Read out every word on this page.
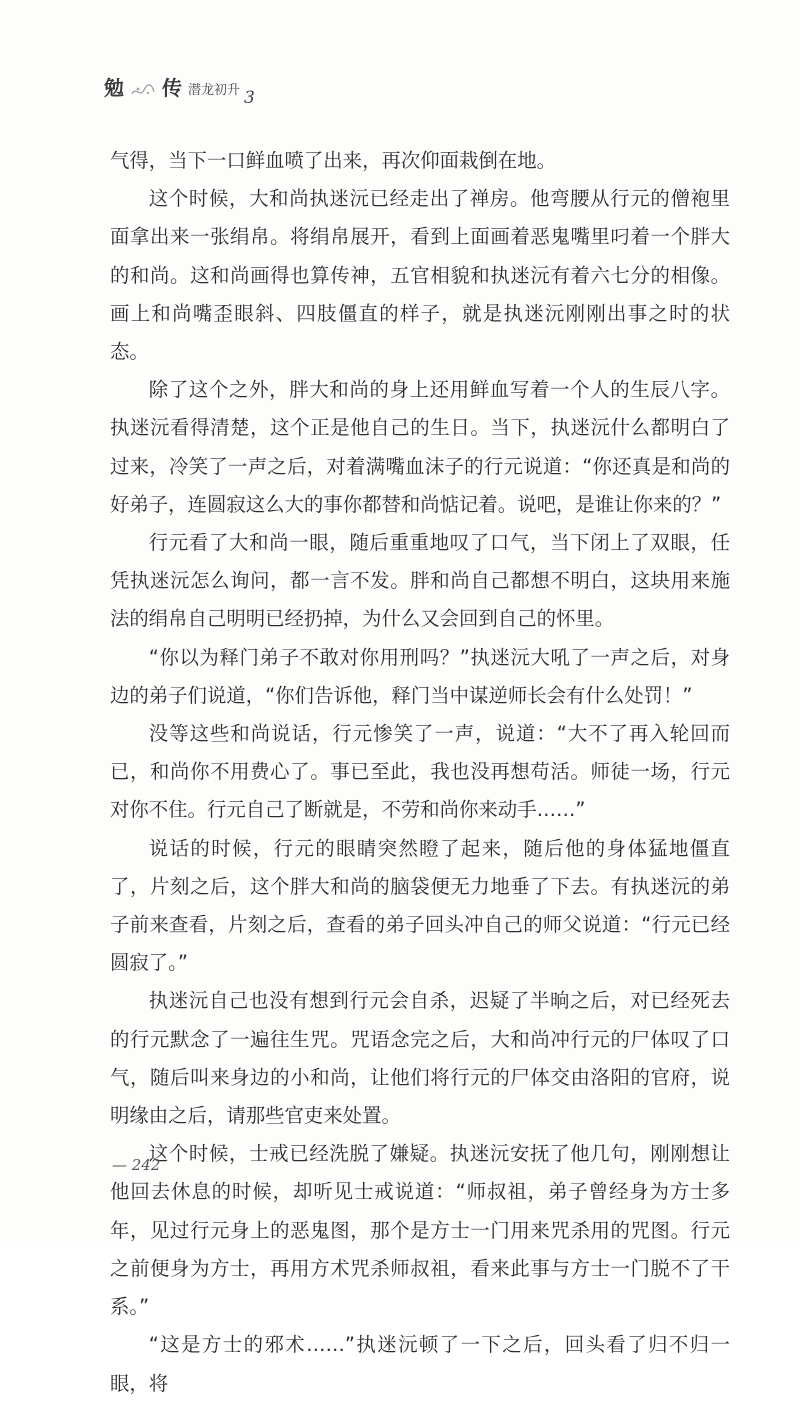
勉 传 潜龙初升 3

气得，当下一口鲜血喷了出来，再次仰面栽倒在地。

这个时候，大和尚执迷沅已经走出了禅房。他弯腰从行元的僧袍里面拿出来一张绢帛。将绢帛展开，看到上面画着恶鬼嘴里叼着一个胖大的和尚。这和尚画得也算传神，五官相貌和执迷沅有着六七分的相像。画上和尚嘴歪眼斜、四肢僵直的样子，就是执迷沅刚刚出事之时的状态。

除了这个之外，胖大和尚的身上还用鲜血写着一个人的生辰八字。执迷沅看得清楚，这个正是他自己的生日。当下，执迷沅什么都明白了过来，冷笑了一声之后，对着满嘴血沫子的行元说道：“你还真是和尚的好弟子，连圆寂这么大的事你都替和尚惦记着。说吧，是谁让你来的？”

行元看了大和尚一眼，随后重重地叹了口气，当下闭上了双眼，任凭执迷沅怎么询问，都一言不发。胖和尚自己都想不明白，这块用来施法的绢帛自己明明已经扔掉，为什么又会回到自己的怀里。

“你以为释门弟子不敢对你用刑吗？”执迷沅大吼了一声之后，对身边的弟子们说道，“你们告诉他，释门当中谋逆师长会有什么处罚！”

没等这些和尚说话，行元惨笑了一声，说道：“大不了再入轮回而已，和尚你不用费心了。事已至此，我也没再想苟活。师徒一场，行元对你不住。行元自己了断就是，不劳和尚你来动手……”

说话的时候，行元的眼睛突然瞪了起来，随后他的身体猛地僵直了，片刻之后，这个胖大和尚的脑袋便无力地垂了下去。有执迷沅的弟子前来查看，片刻之后，查看的弟子回头冲自己的师父说道：“行元已经圆寂了。”

执迷沅自己也没有想到行元会自杀，迟疑了半晌之后，对已经死去的行元默念了一遍往生咒。咒语念完之后，大和尚冲行元的尸体叹了口气，随后叫来身边的小和尚，让他们将行元的尸体交由洛阳的官府，说明缘由之后，请那些官吏来处置。

这个时候，士戒已经洗脱了嫌疑。执迷沅安抚了他几句，刚刚想让他回去休息的时候，却听见士戒说道：“师叔祖，弟子曾经身为方士多年，见过行元身上的恶鬼图，那个是方士一门用来咒杀用的咒图。行元之前便身为方士，再用方术咒杀师叔祖，看来此事与方士一门脱不了干系。”

“这是方士的邪术……”执迷沅顿了一下之后，回头看了归不归一眼，将

— 242
